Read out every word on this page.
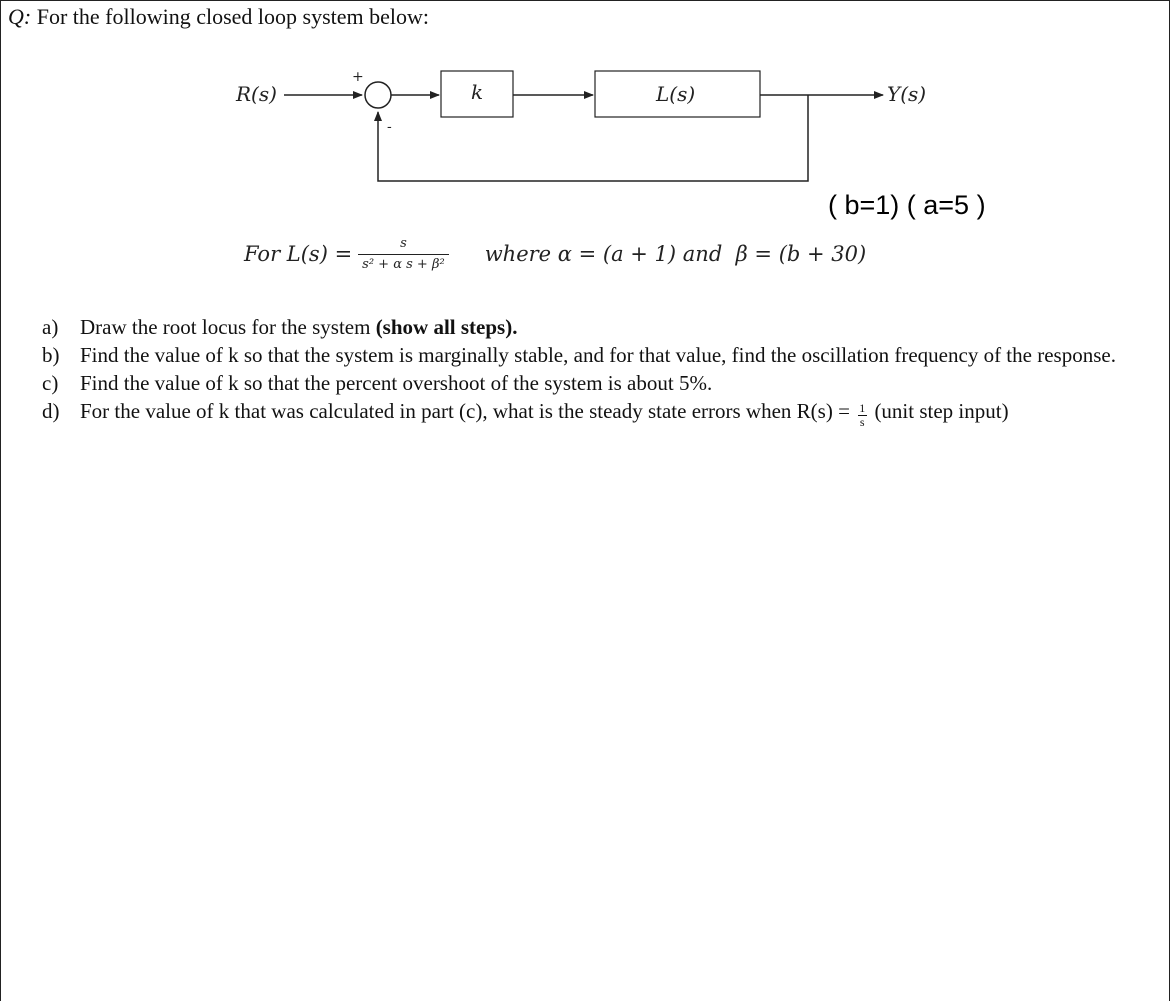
Q: For the following closed loop system below:
R(s)
+
-
k	L(s)	Y(s)
( b=1) ( a=5 )
For $L(s) = \frac{s}{\text{s² + α s + β²}}$ where α = (a + 1) and  β = (b + 30)
a)	Draw the root locus for the system (show all steps).
b) Find the value of k so that the system is marginally stable, and for that value, find the oscillation frequency of the response.
c)	Find the value of k so that the percent overshoot of the system is about 5%.
d) For the value of k that was calculated in part (c), what is the steady state errors when $R(s) = \frac{1}{s}$ (unit step input)
